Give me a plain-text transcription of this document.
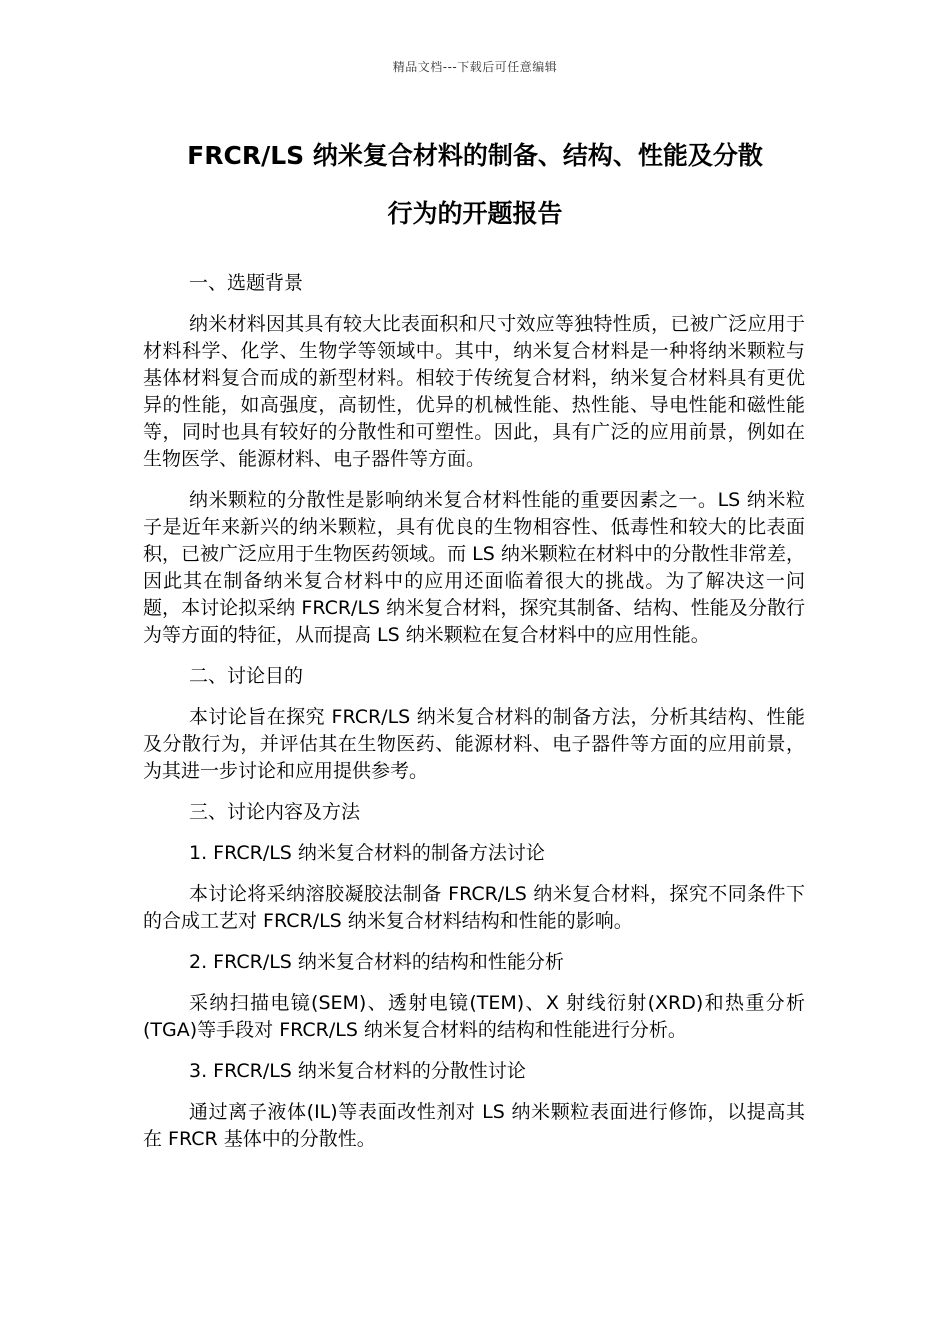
精品文档---下载后可任意编辑
FRCR/LS 纳米复合材料的制备、结构、性能及分散
行为的开题报告

一、选题背景

纳米材料因其具有较大比表面积和尺寸效应等独特性质，已被广泛应用于材料科学、化学、生物学等领域中。其中，纳米复合材料是一种将纳米颗粒与基体材料复合而成的新型材料。相较于传统复合材料，纳米复合材料具有更优异的性能，如高强度，高韧性，优异的机械性能、热性能、导电性能和磁性能等，同时也具有较好的分散性和可塑性。因此，具有广泛的应用前景，例如在生物医学、能源材料、电子器件等方面。

纳米颗粒的分散性是影响纳米复合材料性能的重要因素之一。LS 纳米粒子是近年来新兴的纳米颗粒，具有优良的生物相容性、低毒性和较大的比表面积，已被广泛应用于生物医药领域。而 LS 纳米颗粒在材料中的分散性非常差，因此其在制备纳米复合材料中的应用还面临着很大的挑战。为了解决这一问题，本讨论拟采纳 FRCR/LS 纳米复合材料，探究其制备、结构、性能及分散行为等方面的特征，从而提高 LS 纳米颗粒在复合材料中的应用性能。

二、讨论目的

本讨论旨在探究 FRCR/LS 纳米复合材料的制备方法，分析其结构、性能及分散行为，并评估其在生物医药、能源材料、电子器件等方面的应用前景，为其进一步讨论和应用提供参考。

三、讨论内容及方法

1. FRCR/LS 纳米复合材料的制备方法讨论

本讨论将采纳溶胶凝胶法制备 FRCR/LS 纳米复合材料，探究不同条件下的合成工艺对 FRCR/LS 纳米复合材料结构和性能的影响。

2. FRCR/LS 纳米复合材料的结构和性能分析

采纳扫描电镜(SEM)、透射电镜(TEM)、X 射线衍射(XRD)和热重分析(TGA)等手段对 FRCR/LS 纳米复合材料的结构和性能进行分析。

3. FRCR/LS 纳米复合材料的分散性讨论

通过离子液体(IL)等表面改性剂对 LS 纳米颗粒表面进行修饰，以提高其在 FRCR 基体中的分散性。
